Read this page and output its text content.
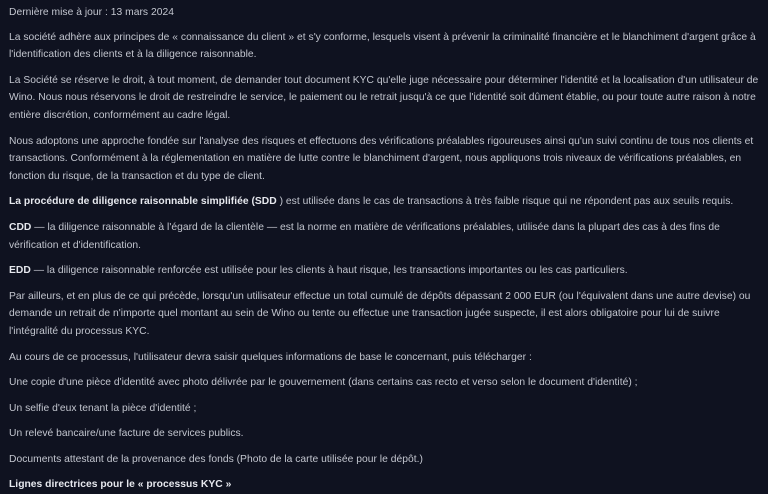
Dernière mise à jour : 13 mars 2024

La société adhère aux principes de « connaissance du client » et s'y conforme, lesquels visent à prévenir la criminalité financière et le blanchiment d'argent grâce à l'identification des clients et à la diligence raisonnable.

La Société se réserve le droit, à tout moment, de demander tout document KYC qu'elle juge nécessaire pour déterminer l'identité et la localisation d'un utilisateur de Wino. Nous nous réservons le droit de restreindre le service, le paiement ou le retrait jusqu'à ce que l'identité soit dûment établie, ou pour toute autre raison à notre entière discrétion, conformément au cadre légal.

Nous adoptons une approche fondée sur l'analyse des risques et effectuons des vérifications préalables rigoureuses ainsi qu'un suivi continu de tous nos clients et transactions. Conformément à la réglementation en matière de lutte contre le blanchiment d'argent, nous appliquons trois niveaux de vérifications préalables, en fonction du risque, de la transaction et du type de client.

La procédure de diligence raisonnable simplifiée (SDD ) est utilisée dans le cas de transactions à très faible risque qui ne répondent pas aux seuils requis.

CDD — la diligence raisonnable à l'égard de la clientèle — est la norme en matière de vérifications préalables, utilisée dans la plupart des cas à des fins de vérification et d'identification.

EDD — la diligence raisonnable renforcée est utilisée pour les clients à haut risque, les transactions importantes ou les cas particuliers.

Par ailleurs, et en plus de ce qui précède, lorsqu'un utilisateur effectue un total cumulé de dépôts dépassant 2 000 EUR (ou l'équivalent dans une autre devise) ou demande un retrait de n'importe quel montant au sein de Wino ou tente ou effectue une transaction jugée suspecte, il est alors obligatoire pour lui de suivre l'intégralité du processus KYC.

Au cours de ce processus, l'utilisateur devra saisir quelques informations de base le concernant, puis télécharger :

Une copie d'une pièce d'identité avec photo délivrée par le gouvernement (dans certains cas recto et verso selon le document d'identité) ;

Un selfie d'eux tenant la pièce d'identité ;

Un relevé bancaire/une facture de services publics.

Documents attestant de la provenance des fonds (Photo de la carte utilisée pour le dépôt.)

Lignes directrices pour le « processus KYC »
